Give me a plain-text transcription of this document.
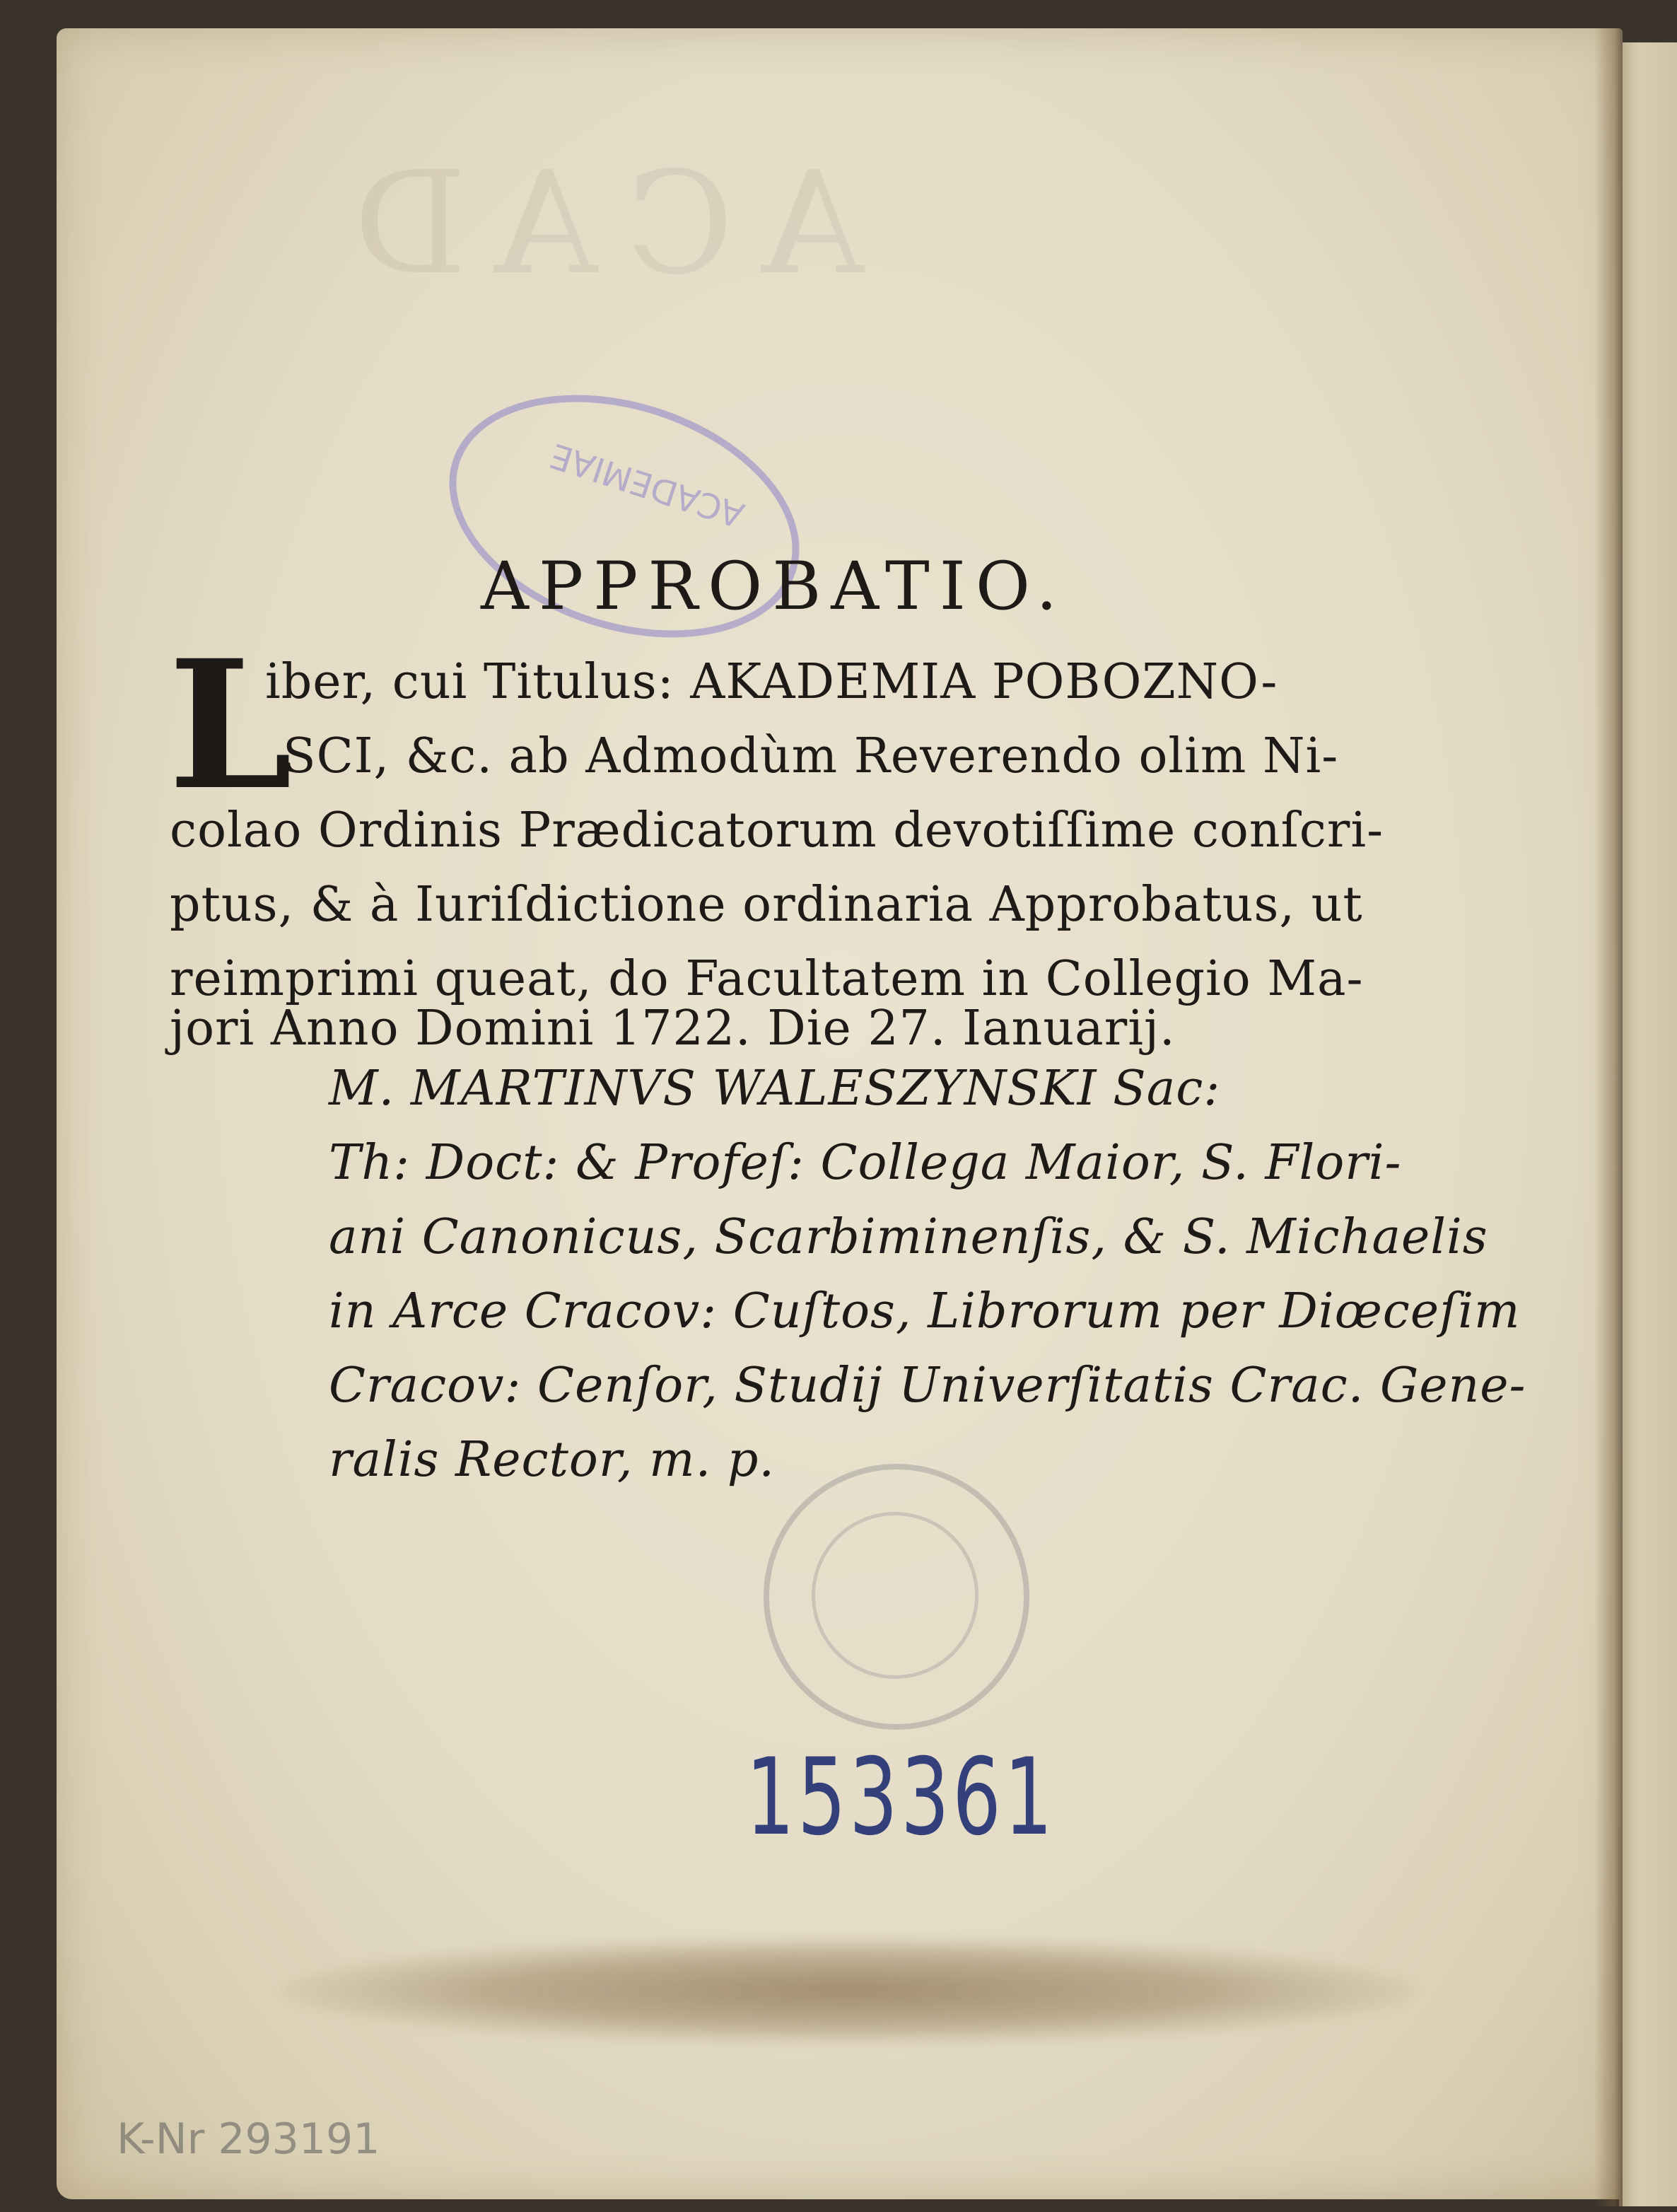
ACAD
ACADEMIAE
APPROBATIO.
L
iber, cui Titulus: AKADEMIA POBOZNO-
SCI, &c. ab Admodùm Reverendo olim Ni-
colao Ordinis Prædicatorum devotiſſime conſcri-
ptus, & à Iuriſdictione ordinaria Approbatus, ut
reimprimi queat, do Facultatem in Collegio Ma-
jori Anno Domini 1722. Die 27. Ianuarij.
M. MARTINVS WALESZYNSKI Sac:
Th: Doct: & Profeſ: Collega Maior, S. Flori-
ani Canonicus, Scarbiminenſis, & S. Michaelis
in Arce Cracov: Cuſtos, Librorum per Diœceſim
Cracov: Cenſor, Studij Univerſitatis Crac. Gene-
ralis Rector, m. p.
153361
K-Nr 293191
